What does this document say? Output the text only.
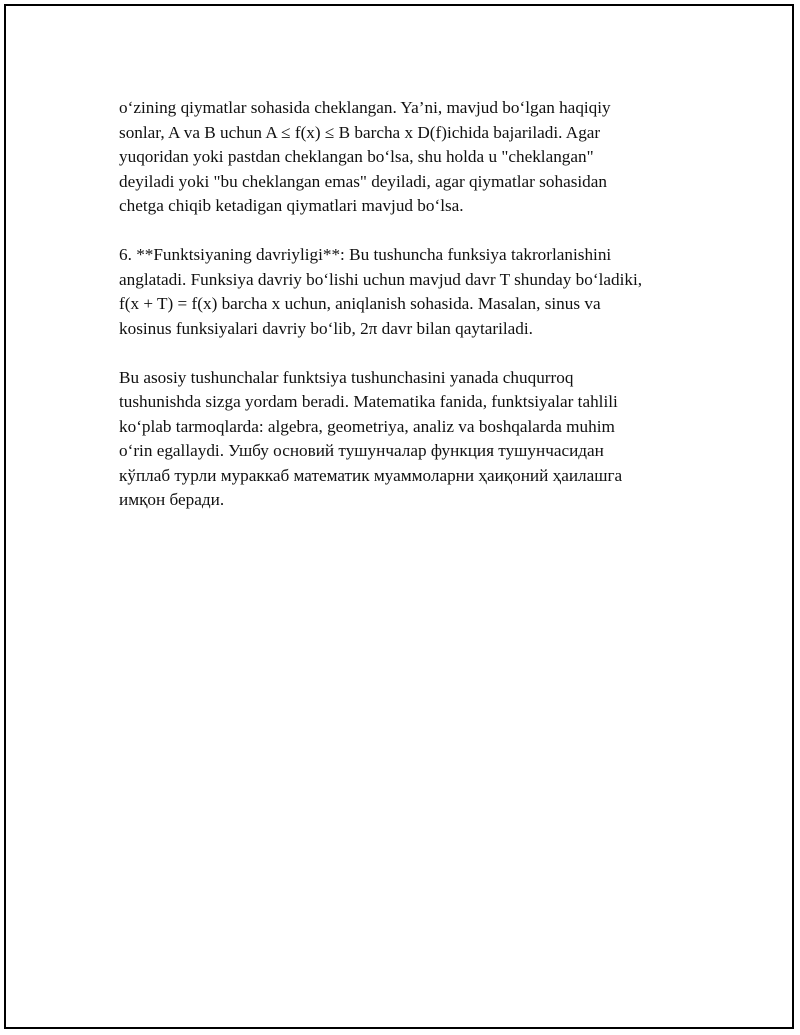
o‘zining qiymatlar sohasida cheklangan. Ya’ni, mavjud bo‘lgan haqiqiy
sonlar, A va B uchun A ≤ f(x) ≤ B barcha x D(f)ichida bajariladi. Agar
yuqoridan yoki pastdan cheklangan bo‘lsa, shu holda u "cheklangan"
deyiladi yoki "bu cheklangan emas" deyiladi, agar qiymatlar sohasidan
chetga chiqib ketadigan qiymatlari mavjud bo‘lsa.

6. **Funktsiyaning davriyligi**: Bu tushuncha funksiya takrorlanishini
anglatadi. Funksiya davriy bo‘lishi uchun mavjud davr T shunday bo‘ladiki,
f(x + T) = f(x) barcha x uchun, aniqlanish sohasida. Masalan, sinus va
kosinus funksiyalari davriy bo‘lib, 2π davr bilan qaytariladi.

Bu asosiy tushunchalar funktsiya tushunchasini yanada chuqurroq
tushunishda sizga yordam beradi. Matematika fanida, funktsiyalar tahlili
ko‘plab tarmoqlarda: algebra, geometriya, analiz va boshqalarda muhim
o‘rin egallaydi. Ушбу основий тушунчалар функция тушунчасидан
кўплаб турли мураккаб математик муаммоларни ҳаиқоний ҳаилашга
имқон беради.
